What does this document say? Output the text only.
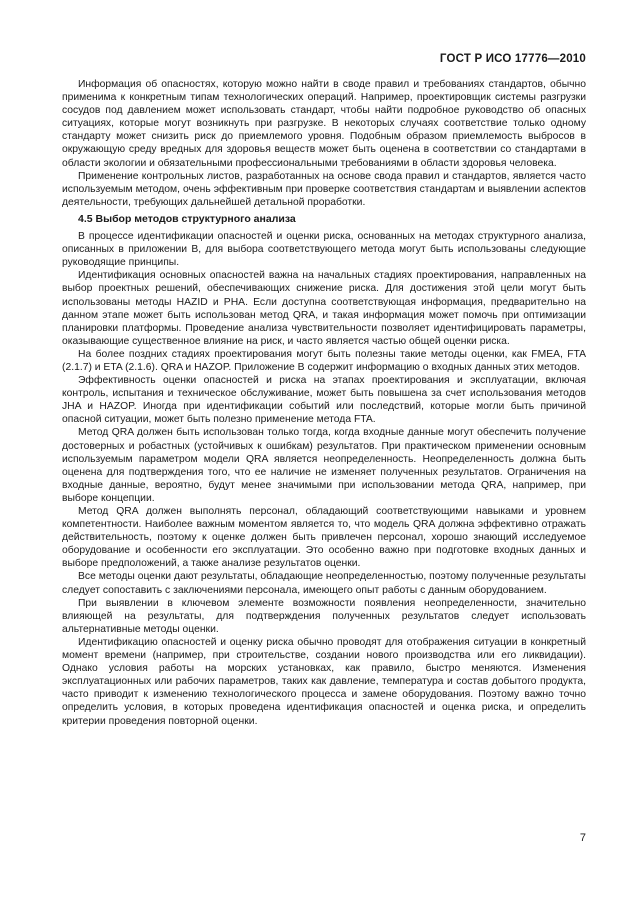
ГОСТ Р ИСО 17776—2010

Информация об опасностях, которую можно найти в своде правил и требованиях стандартов, обычно применима к конкретным типам технологических операций. Например, проектировщик системы разгрузки сосудов под давлением может использовать стандарт, чтобы найти подробное руководство об опасных ситуациях, которые могут возникнуть при разгрузке. В некоторых случаях соответствие только одному стандарту может снизить риск до приемлемого уровня. Подобным образом приемлемость выбросов в окружающую среду вредных для здоровья веществ может быть оценена в соответствии со стандартами в области экологии и обязательными профессиональными требованиями в области здоровья человека.

Применение контрольных листов, разработанных на основе свода правил и стандартов, является часто используемым методом, очень эффективным при проверке соответствия стандартам и выявлении аспектов деятельности, требующих дальнейшей детальной проработки.

4.5 Выбор методов структурного анализа

В процессе идентификации опасностей и оценки риска, основанных на методах структурного анализа, описанных в приложении В, для выбора соответствующего метода могут быть использованы следующие руководящие принципы.

Идентификация основных опасностей важна на начальных стадиях проектирования, направленных на выбор проектных решений, обеспечивающих снижение риска. Для достижения этой цели могут быть использованы методы HAZID и PHA. Если доступна соответствующая информация, предварительно на данном этапе может быть использован метод QRA, и такая информация может помочь при оптимизации планировки платформы. Проведение анализа чувствительности позволяет идентифицировать параметры, оказывающие существенное влияние на риск, и часто является частью общей оценки риска.

На более поздних стадиях проектирования могут быть полезны такие методы оценки, как FMEA, FTA (2.1.7) и ETA (2.1.6). QRA и HAZOP. Приложение В содержит информацию о входных данных этих методов.

Эффективность оценки опасностей и риска на этапах проектирования и эксплуатации, включая контроль, испытания и техническое обслуживание, может быть повышена за счет использования методов JHA и HAZOP. Иногда при идентификации событий или последствий, которые могли быть причиной опасной ситуации, может быть полезно применение метода FTA.

Метод QRA должен быть использован только тогда, когда входные данные могут обеспечить получение достоверных и робастных (устойчивых к ошибкам) результатов. При практическом применении основным используемым параметром модели QRA является неопределенность. Неопределенность должна быть оценена для подтверждения того, что ее наличие не изменяет полученных результатов. Ограничения на входные данные, вероятно, будут менее значимыми при использовании метода QRA, например, при выборе концепции.

Метод QRA должен выполнять персонал, обладающий соответствующими навыками и уровнем компетентности. Наиболее важным моментом является то, что модель QRA должна эффективно отражать действительность, поэтому к оценке должен быть привлечен персонал, хорошо знающий исследуемое оборудование и особенности его эксплуатации. Это особенно важно при подготовке входных данных и выборе предположений, а также анализе результатов оценки.

Все методы оценки дают результаты, обладающие неопределенностью, поэтому полученные результаты следует сопоставить с заключениями персонала, имеющего опыт работы с данным оборудованием.

При выявлении в ключевом элементе возможности появления неопределенности, значительно влияющей на результаты, для подтверждения полученных результатов следует использовать альтернативные методы оценки.

Идентификацию опасностей и оценку риска обычно проводят для отображения ситуации в конкретный момент времени (например, при строительстве, создании нового производства или его ликвидации). Однако условия работы на морских установках, как правило, быстро меняются. Изменения эксплуатационных или рабочих параметров, таких как давление, температура и состав добытого продукта, часто приводит к изменению технологического процесса и замене оборудования. Поэтому важно точно определить условия, в которых проведена идентификация опасностей и оценка риска, и определить критерии проведения повторной оценки.

7
